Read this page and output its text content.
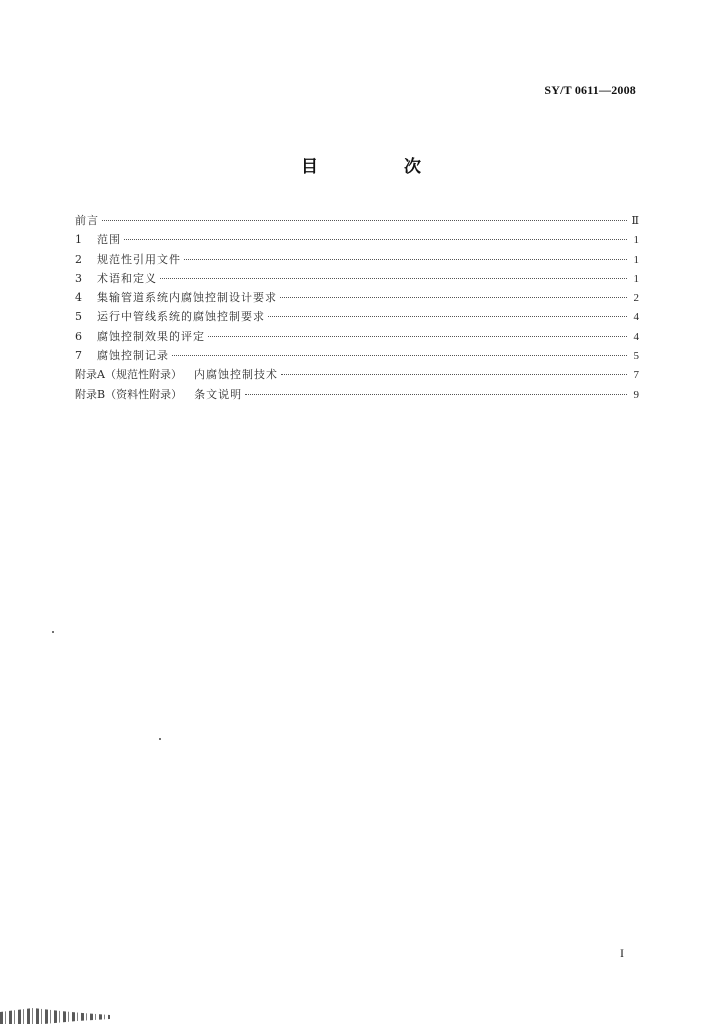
SY/T 0611—2008
目 次
前言	Ⅱ
1	范围	1
2	规范性引用文件	1
3	术语和定义	1
4	集输管道系统内腐蚀控制设计要求	2
5	运行中管线系统的腐蚀控制要求	4
6	腐蚀控制效果的评定	4
7	腐蚀控制记录	5
附录A（规范性附录） 内腐蚀控制技术	7
附录B（资料性附录） 条文说明	9
I
